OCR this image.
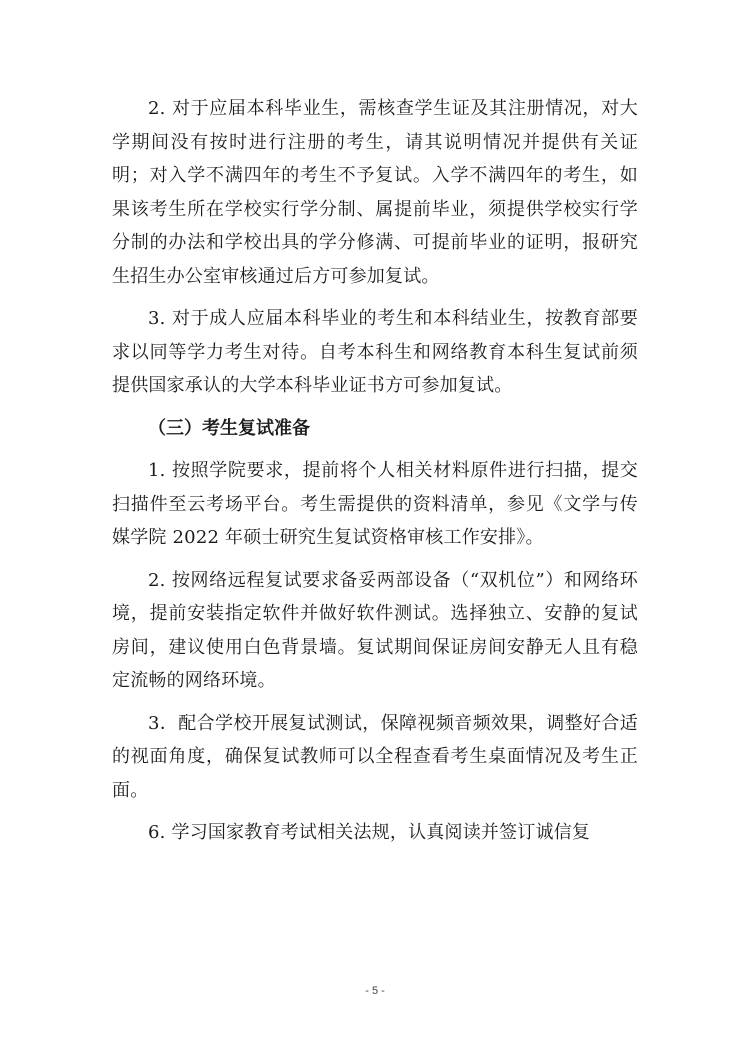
2. 对于应届本科毕业生，需核查学生证及其注册情况，对大学期间没有按时进行注册的考生，请其说明情况并提供有关证明；对入学不满四年的考生不予复试。入学不满四年的考生，如果该考生所在学校实行学分制、属提前毕业，须提供学校实行学分制的办法和学校出具的学分修满、可提前毕业的证明，报研究生招生办公室审核通过后方可参加复试。

3. 对于成人应届本科毕业的考生和本科结业生，按教育部要求以同等学力考生对待。自考本科生和网络教育本科生复试前须提供国家承认的大学本科毕业证书方可参加复试。

（三）考生复试准备

1. 按照学院要求，提前将个人相关材料原件进行扫描，提交扫描件至云考场平台。考生需提供的资料清单，参见《文学与传媒学院 2022 年硕士研究生复试资格审核工作安排》。

2. 按网络远程复试要求备妥两部设备（“双机位”）和网络环境，提前安装指定软件并做好软件测试。选择独立、安静的复试房间，建议使用白色背景墙。复试期间保证房间安静无人且有稳定流畅的网络环境。

3．配合学校开展复试测试，保障视频音频效果，调整好合适的视面角度，确保复试教师可以全程查看考生桌面情况及考生正面。

6. 学习国家教育考试相关法规，认真阅读并签订诚信复

- 5 -
